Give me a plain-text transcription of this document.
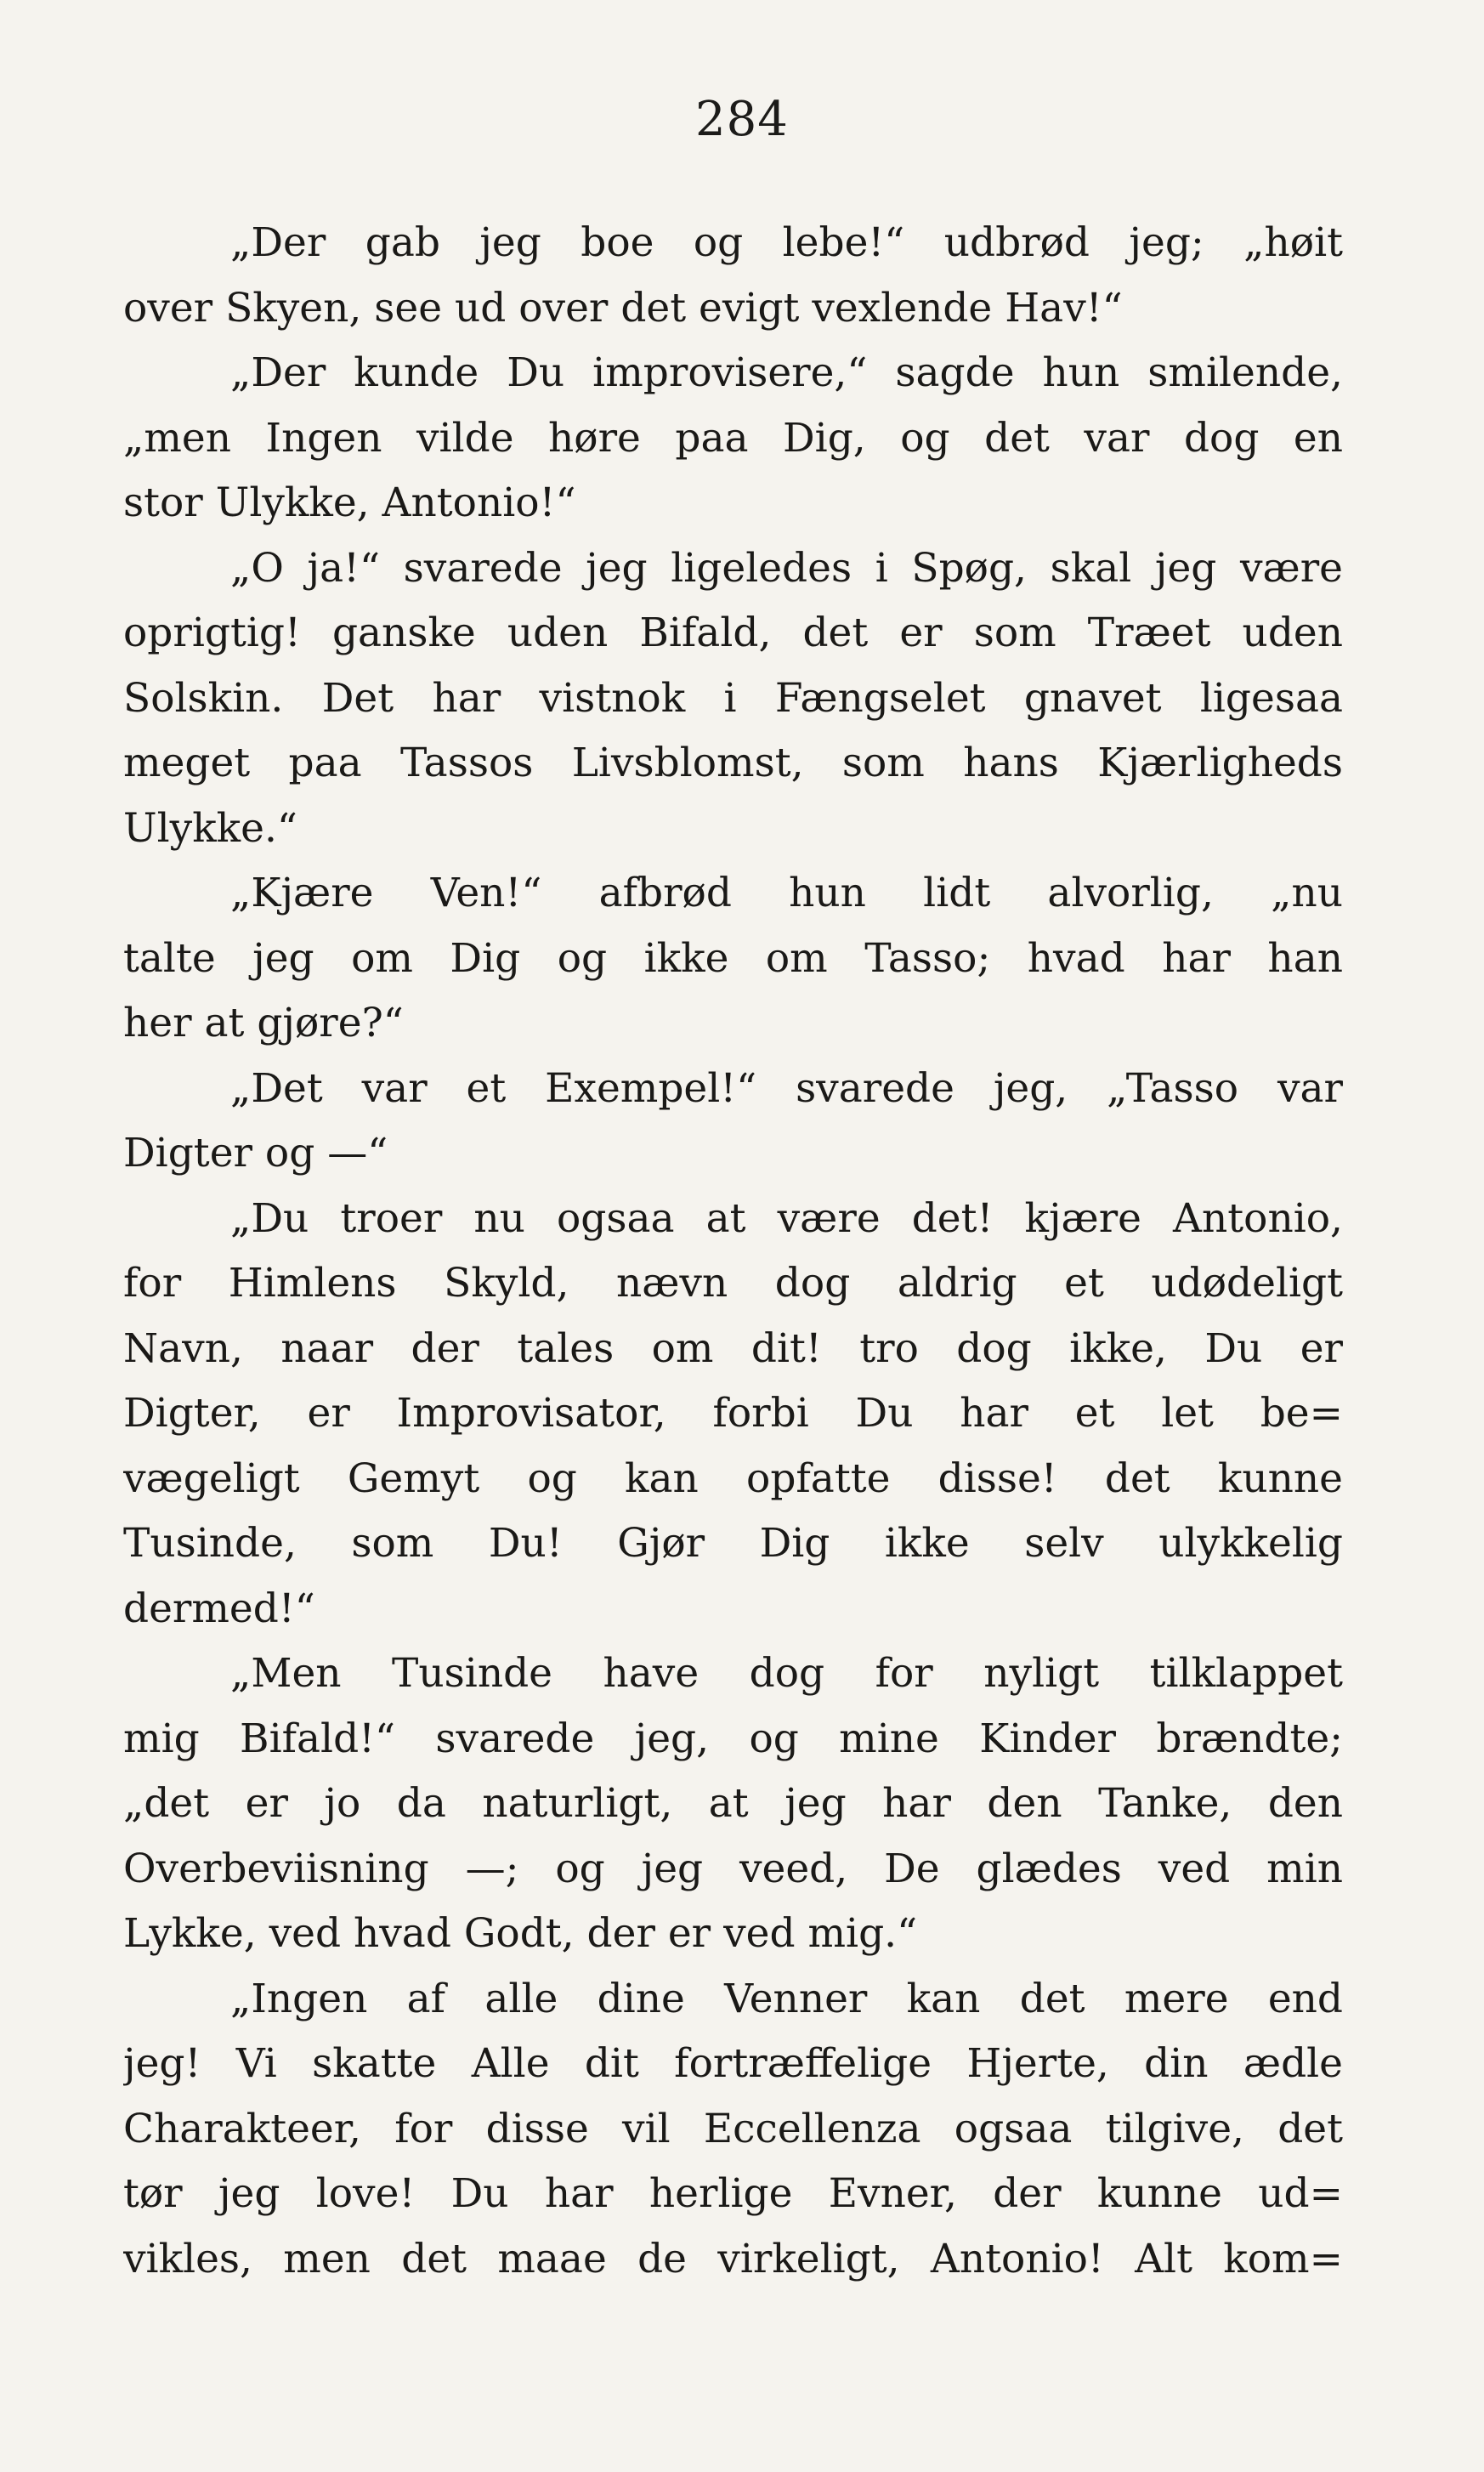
284
„Der gab jeg boe og lebe!“ udbrød jeg; „høit
over Skyen, see ud over det evigt vexlende Hav!“
„Der kunde Du improvisere,“ sagde hun smilende,
„men Ingen vilde høre paa Dig, og det var dog en
stor Ulykke, Antonio!“
„O ja!“ svarede jeg ligeledes i Spøg, skal jeg være
oprigtig! ganske uden Bifald, det er som Træet uden
Solskin. Det har vistnok i Fængselet gnavet ligesaa
meget paa Tassos Livsblomst, som hans Kjærligheds
Ulykke.“
„Kjære Ven!“ afbrød hun lidt alvorlig, „nu
talte jeg om Dig og ikke om Tasso; hvad har han
her at gjøre?“
„Det var et Exempel!“ svarede jeg, „Tasso var
Digter og —“
„Du troer nu ogsaa at være det! kjære Antonio,
for Himlens Skyld, nævn dog aldrig et udødeligt
Navn, naar der tales om dit! tro dog ikke, Du er
Digter, er Improvisator, forbi Du har et let be=
vægeligt Gemyt og kan opfatte disse! det kunne
Tusinde, som Du! Gjør Dig ikke selv ulykkelig
dermed!“
„Men Tusinde have dog for nyligt tilklappet
mig Bifald!“ svarede jeg, og mine Kinder brændte;
„det er jo da naturligt, at jeg har den Tanke, den
Overbeviisning —; og jeg veed, De glædes ved min
Lykke, ved hvad Godt, der er ved mig.“
„Ingen af alle dine Venner kan det mere end
jeg! Vi skatte Alle dit fortræffelige Hjerte, din ædle
Charakteer, for disse vil Eccellenza ogsaa tilgive, det
tør jeg love! Du har herlige Evner, der kunne ud=
vikles, men det maae de virkeligt, Antonio! Alt kom=
